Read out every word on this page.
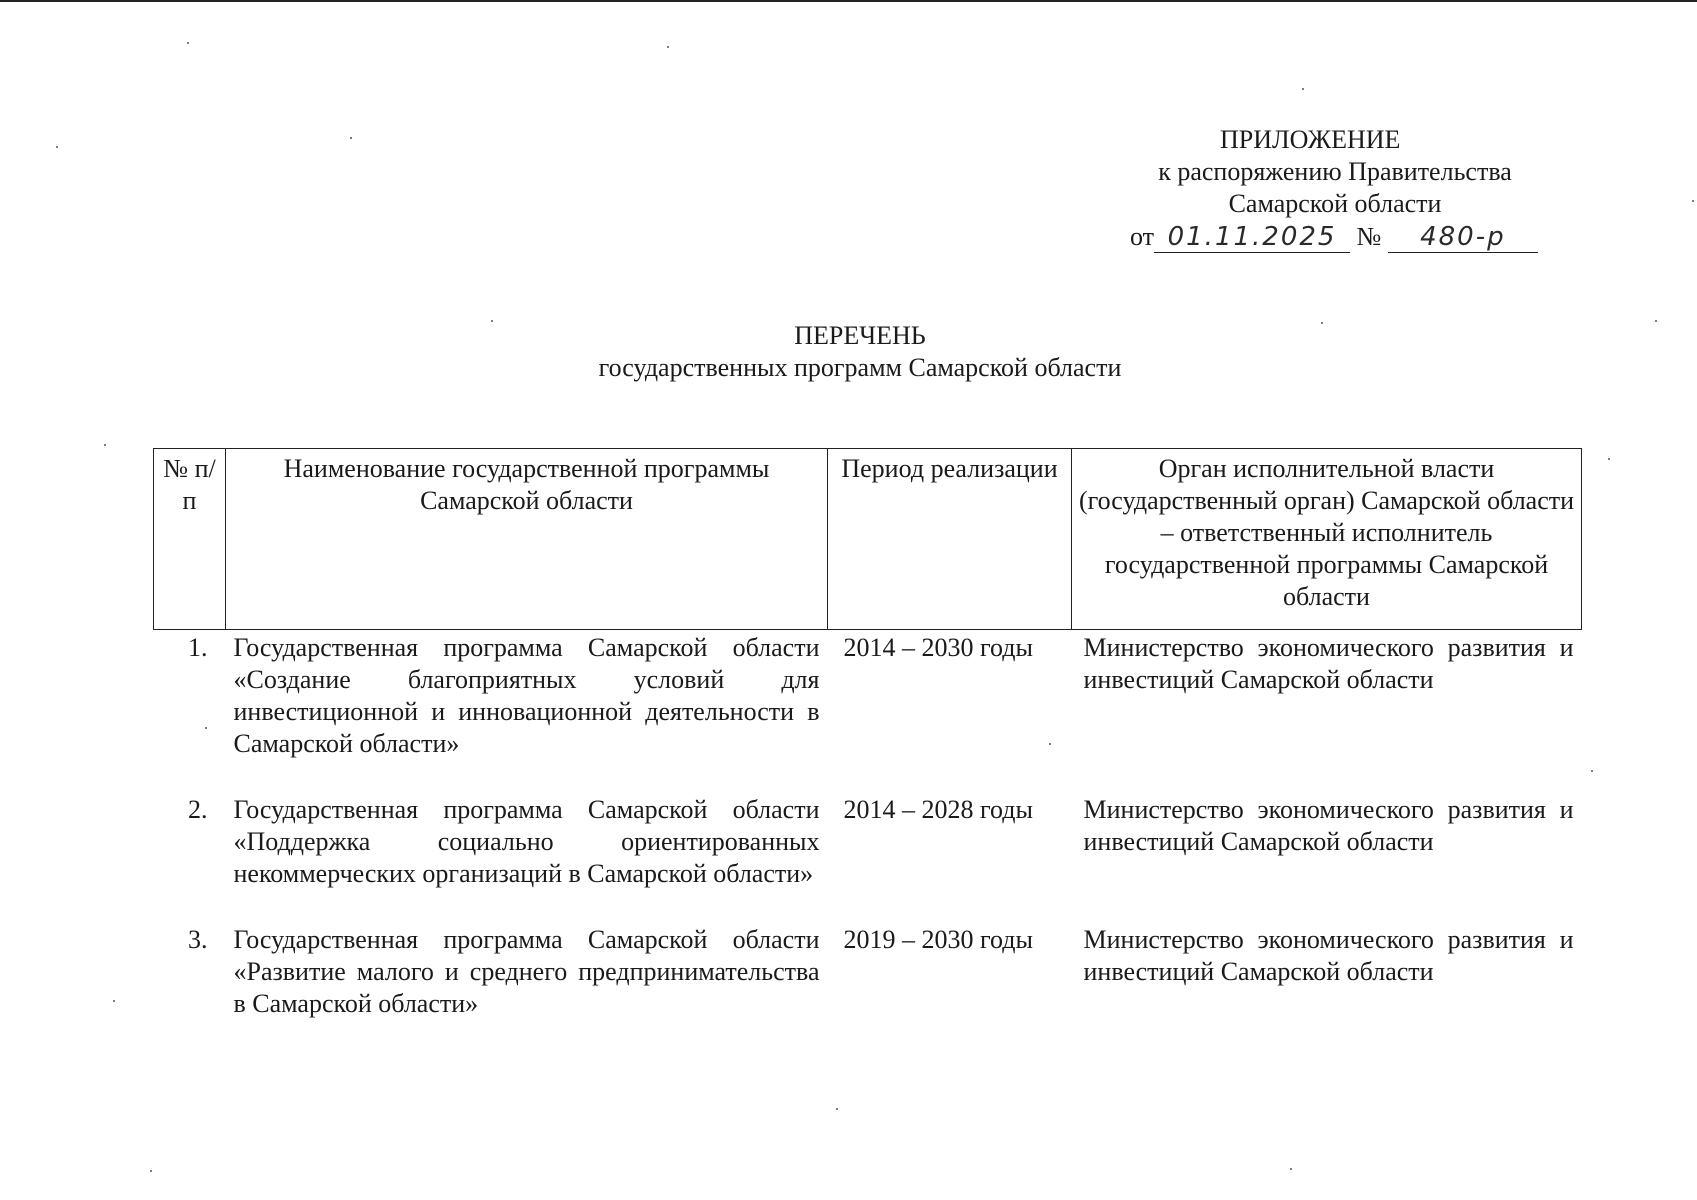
ПРИЛОЖЕНИЕ
к распоряжению Правительства
Самарской области
от 01.11.2025 № 480-р
ПЕРЕЧЕНЬ
государственных программ Самарской области
№ п/п	Наименование государственной программы Самарской области	Период реализации	Орган исполнительной власти (государственный орган) Самарской области – ответственный исполнитель государственной программы Самарской области
1.	Государственная программа Самарской области «Создание благоприятных условий для инвестиционной и инновационной деятельности в Самарской области»	2014 – 2030 годы	Министерство экономического развития и инвестиций Самарской области
2.	Государственная программа Самарской области «Поддержка социально ориентированных некоммерческих организаций в Самарской области»	2014 – 2028 годы	Министерство экономического развития и инвестиций Самарской области
3.	Государственная программа Самарской области «Развитие малого и среднего предпринимательства в Самарской области»	2019 – 2030 годы	Министерство экономического развития и инвестиций Самарской области
